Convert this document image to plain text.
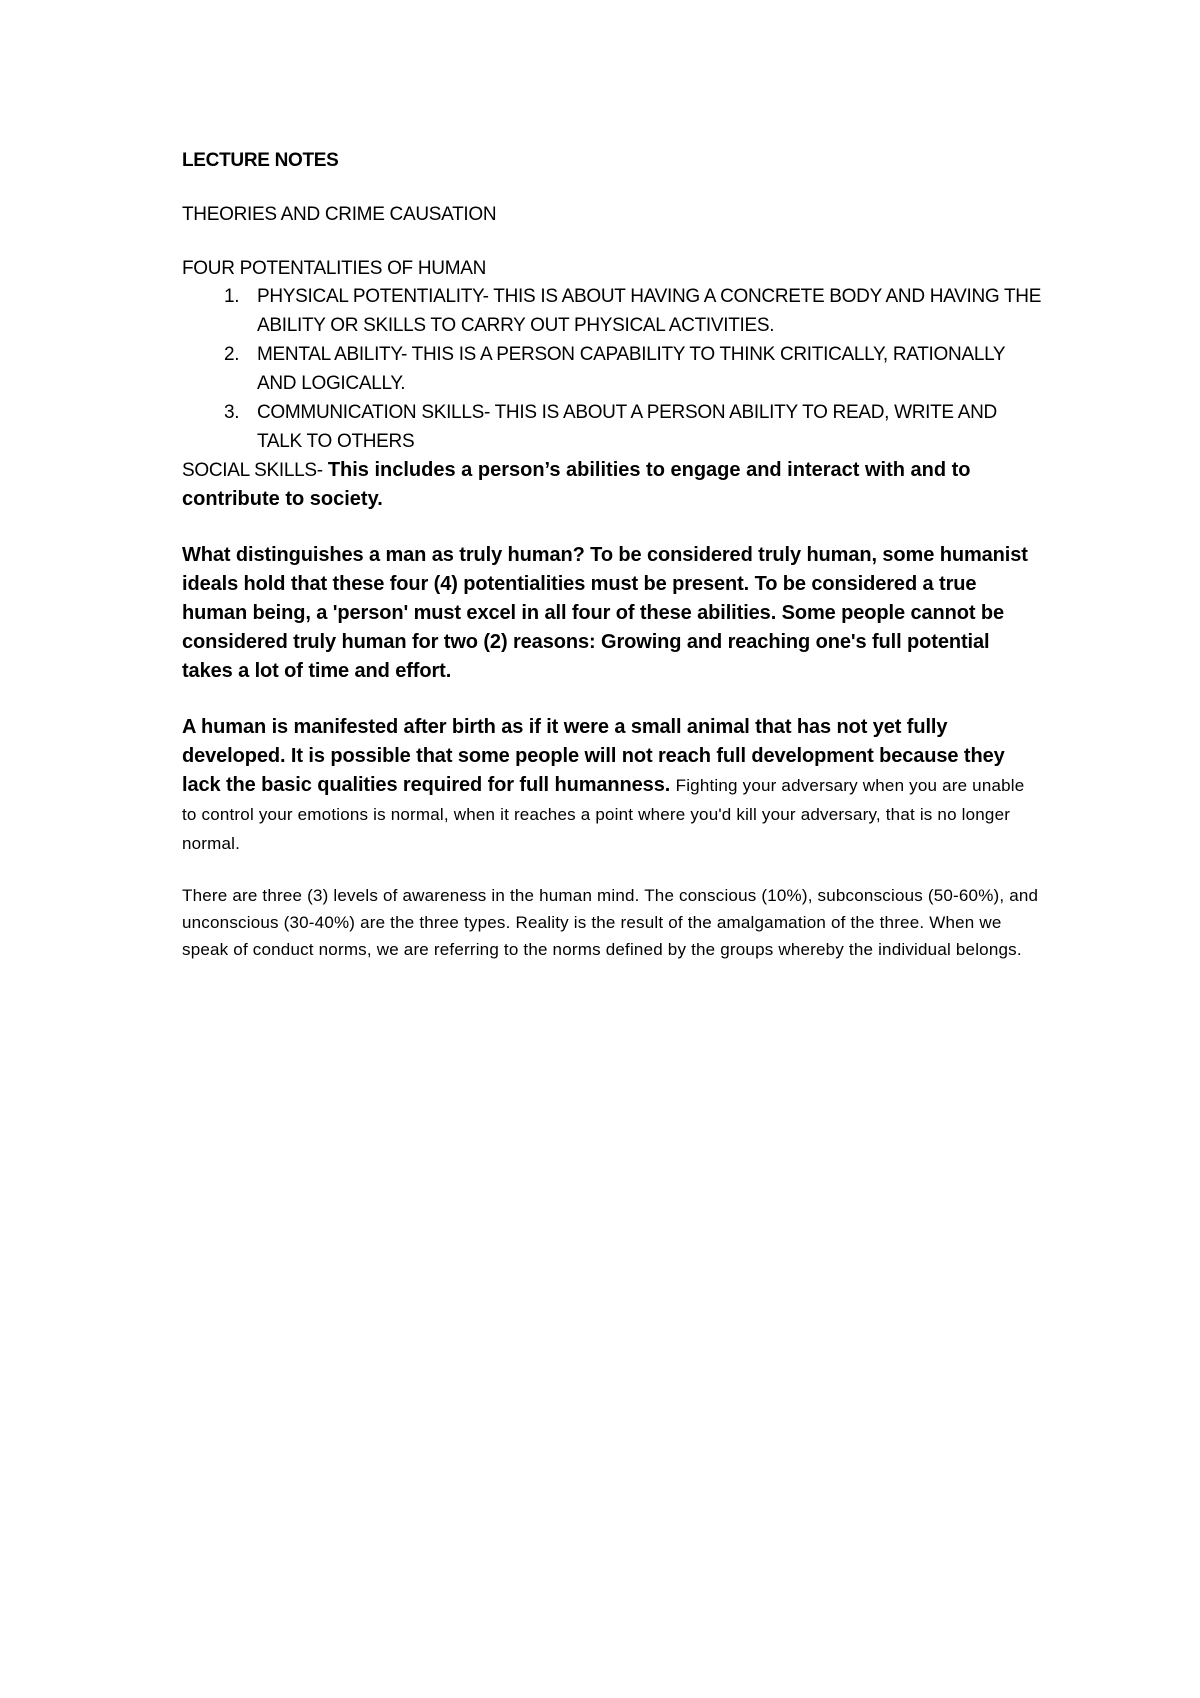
LECTURE NOTES

THEORIES AND CRIME CAUSATION

FOUR POTENTALITIES OF HUMAN

1. PHYSICAL POTENTIALITY- THIS IS ABOUT HAVING A CONCRETE BODY AND HAVING THE ABILITY OR SKILLS TO CARRY OUT PHYSICAL ACTIVITIES.
2. MENTAL ABILITY- THIS IS A PERSON CAPABILITY TO THINK CRITICALLY, RATIONALLY AND LOGICALLY.
3. COMMUNICATION SKILLS- THIS IS ABOUT A PERSON ABILITY TO READ, WRITE AND TALK TO OTHERS

SOCIAL SKILLS- This includes a person’s abilities to engage and interact with and to contribute to society.

What distinguishes a man as truly human? To be considered truly human, some humanist ideals hold that these four (4) potentialities must be present. To be considered a true human being, a 'person' must excel in all four of these abilities. Some people cannot be considered truly human for two (2) reasons: Growing and reaching one's full potential takes a lot of time and effort.

A human is manifested after birth as if it were a small animal that has not yet fully developed. It is possible that some people will not reach full development because they lack the basic qualities required for full humanness. Fighting your adversary when you are unable to control your emotions is normal, when it reaches a point where you'd kill your adversary, that is no longer normal.

There are three (3) levels of awareness in the human mind. The conscious (10%), subconscious (50-60%), and unconscious (30-40%) are the three types. Reality is the result of the amalgamation of the three. When we speak of conduct norms, we are referring to the norms defined by the groups whereby the individual belongs.
